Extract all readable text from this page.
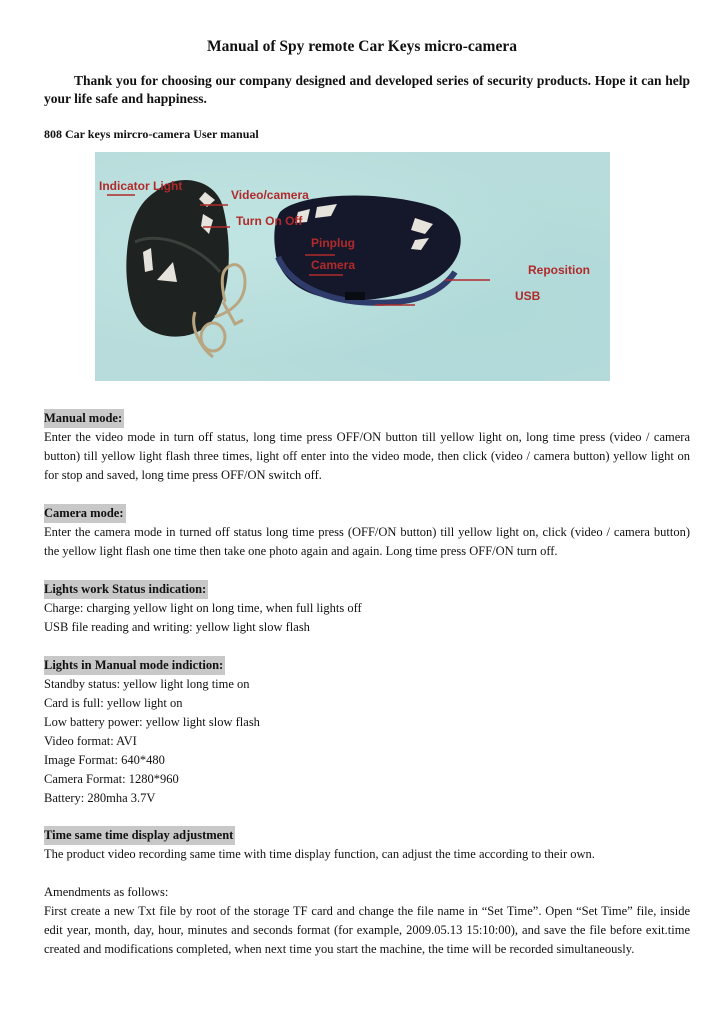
Manual of Spy remote Car Keys micro-camera
Thank you for choosing our company designed and developed series of security products. Hope it can help your life safe and happiness.
808 Car keys mircro-camera User manual
Indicator Light
Video/camera
Turn On Off
Pinplug
Camera	Reposition
USB
Manual mode:
Enter the video mode in turn off status, long time press OFF/ON button till yellow light on, long time press (video / camera button) till yellow light flash three times, light off enter into the video mode, then click (video / camera button) yellow light on for stop and saved, long time press OFF/ON switch off.
Camera mode:
Enter the camera mode in turned off status long time press (OFF/ON button) till yellow light on, click (video / camera button) the yellow light flash one time then take one photo again and again. Long time press OFF/ON turn off.
Lights work Status indication:
Charge: charging yellow light on long time, when full lights off
USB file reading and writing: yellow light slow flash
Lights in Manual mode indiction:
Standby status: yellow light long time on
Card is full: yellow light on
Low battery power: yellow light slow flash
Video format: AVI
Image Format: 640*480
Camera Format: 1280*960
Battery: 280mha 3.7V
Time same time display adjustment
The product video recording same time with time display function, can adjust the time according to their own.
Amendments as follows:
First create a new Txt file by root of the storage TF card and change the file name in “Set Time”. Open “Set Time” file, inside edit year, month, day, hour, minutes and seconds format (for example, 2009.05.13 15:10:00), and save the file before exit.time created and modifications completed, when next time you start the machine, the time will be recorded simultaneously.
